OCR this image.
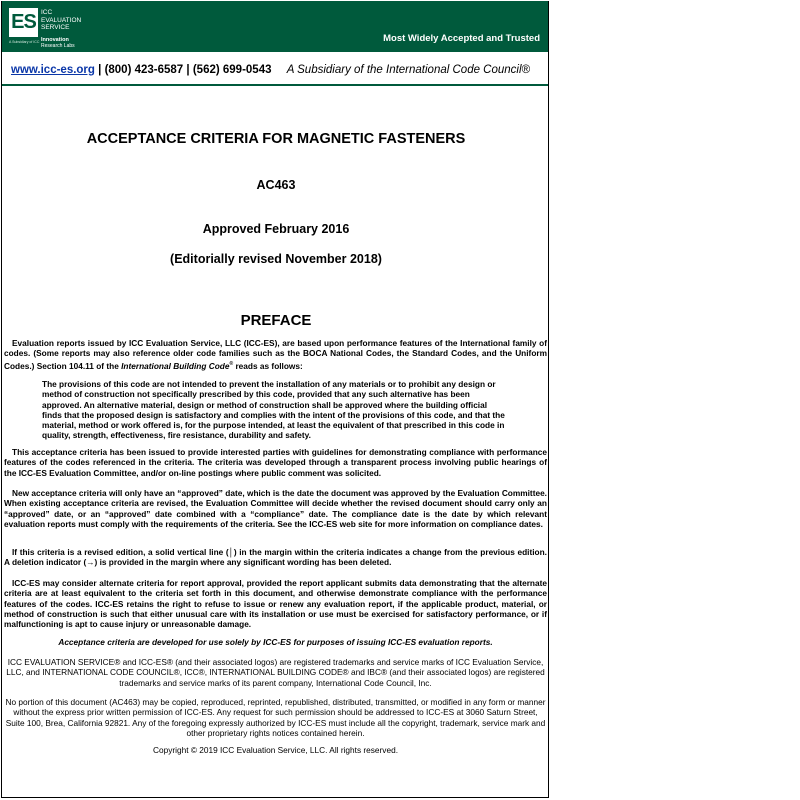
ES ICC
EVALUATION
SERVICE
A Subsidiary of ICC Innovation
Research Labs
Most Widely Accepted and Trusted
www.icc-es.org | (800) 423-6587 | (562) 699-0543 A Subsidiary of the International Code Council®
ACCEPTANCE CRITERIA FOR MAGNETIC FASTENERS
AC463
Approved February 2016
(Editorially revised November 2018)
PREFACE

Evaluation reports issued by ICC Evaluation Service, LLC (ICC-ES), are based upon performance features of the International family of codes. (Some reports may also reference older code families such as the BOCA National Codes, the Standard Codes, and the Uniform Codes.) Section 104.11 of the International Building Code® reads as follows:

The provisions of this code are not intended to prevent the installation of any materials or to prohibit any design or method of construction not specifically prescribed by this code, provided that any such alternative has been approved. An alternative material, design or method of construction shall be approved where the building official finds that the proposed design is satisfactory and complies with the intent of the provisions of this code, and that the material, method or work offered is, for the purpose intended, at least the equivalent of that prescribed in this code in quality, strength, effectiveness, fire resistance, durability and safety.

This acceptance criteria has been issued to provide interested parties with guidelines for demonstrating compliance with performance features of the codes referenced in the criteria. The criteria was developed through a transparent process involving public hearings of the ICC-ES Evaluation Committee, and/or on-line postings where public comment was solicited.

New acceptance criteria will only have an “approved” date, which is the date the document was approved by the Evaluation Committee. When existing acceptance criteria are revised, the Evaluation Committee will decide whether the revised document should carry only an “approved” date, or an “approved” date combined with a “compliance” date. The compliance date is the date by which relevant evaluation reports must comply with the requirements of the criteria. See the ICC-ES web site for more information on compliance dates.

If this criteria is a revised edition, a solid vertical line (│) in the margin within the criteria indicates a change from the previous edition. A deletion indicator (→) is provided in the margin where any significant wording has been deleted.

ICC-ES may consider alternate criteria for report approval, provided the report applicant submits data demonstrating that the alternate criteria are at least equivalent to the criteria set forth in this document, and otherwise demonstrate compliance with the performance features of the codes. ICC-ES retains the right to refuse to issue or renew any evaluation report, if the applicable product, material, or method of construction is such that either unusual care with its installation or use must be exercised for satisfactory performance, or if malfunctioning is apt to cause injury or unreasonable damage.

Acceptance criteria are developed for use solely by ICC-ES for purposes of issuing ICC-ES evaluation reports.

ICC EVALUATION SERVICE® and ICC-ES® (and their associated logos) are registered trademarks and service marks of ICC Evaluation Service, LLC, and INTERNATIONAL CODE COUNCIL®, ICC®, INTERNATIONAL BUILDING CODE® and IBC® (and their associated logos) are registered trademarks and service marks of its parent company, International Code Council, Inc.

No portion of this document (AC463) may be copied, reproduced, reprinted, republished, distributed, transmitted, or modified in any form or manner without the express prior written permission of ICC-ES. Any request for such permission should be addressed to ICC-ES at 3060 Saturn Street, Suite 100, Brea, California 92821. Any of the foregoing expressly authorized by ICC-ES must include all the copyright, trademark, service mark and other proprietary rights notices contained herein.

Copyright © 2019 ICC Evaluation Service, LLC. All rights reserved.
